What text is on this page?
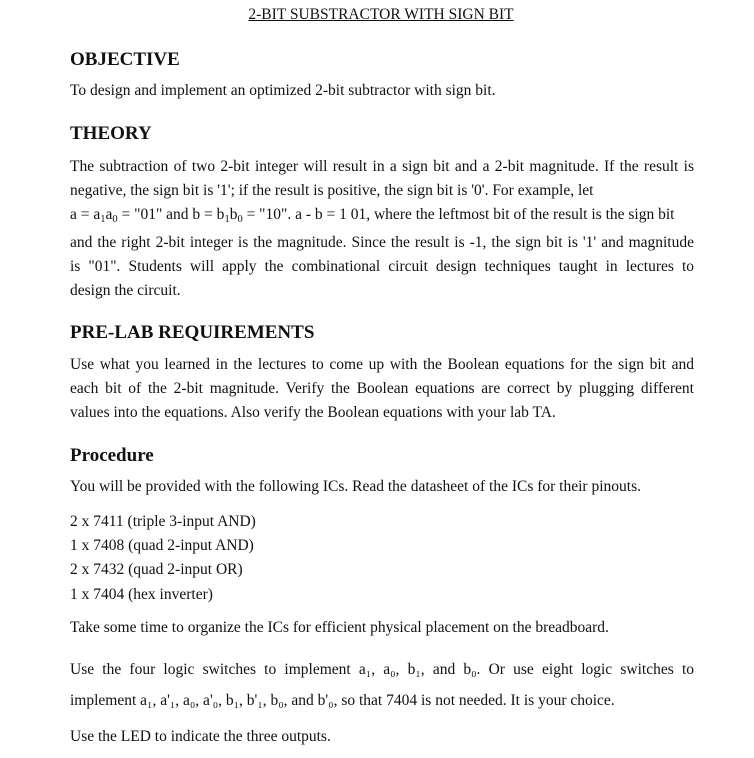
2-BIT SUBSTRACTOR WITH SIGN BIT
OBJECTIVE
To design and implement an optimized 2-bit subtractor with sign bit.
THEORY
The subtraction of two 2-bit integer will result in a sign bit and a 2-bit magnitude. If the result is
negative, the sign bit is '1'; if the result is positive, the sign bit is '0'. For example, let
$a = a_1a_0$ = "01" and $b = b_1b_0$ = "10". a - b = 1 01, where the leftmost bit of the result is the sign bit
and the right 2-bit integer is the magnitude. Since the result is -1, the sign bit is '1' and magnitude
is "01". Students will apply the combinational circuit design techniques taught in lectures to
design the circuit.
PRE-LAB REQUIREMENTS
Use what you learned in the lectures to come up with the Boolean equations for the sign bit and
each bit of the 2-bit magnitude. Verify the Boolean equations are correct by plugging different
values into the equations. Also verify the Boolean equations with your lab TA.
Procedure
You will be provided with the following ICs. Read the datasheet of the ICs for their pinouts.
2 x 7411 (triple 3-input AND)
1 x 7408 (quad 2-input AND)
2 x 7432 (quad 2-input OR)
1 x 7404 (hex inverter)
Take some time to organize the ICs for efficient physical placement on the breadboard.
Use the four logic switches to implement a₁, a₀, b₁, and b₀. Or use eight logic switches to
implement a₁, a'₁, a₀, a'₀, b₁, b'₁, b₀, and b'₀, so that 7404 is not needed. It is your choice.
Use the LED to indicate the three outputs.
